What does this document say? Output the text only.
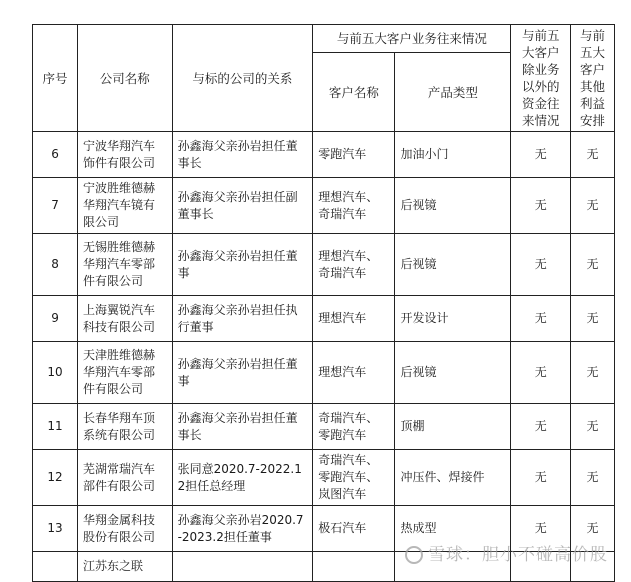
序号	公司名称	与标的公司的关系	与前五大客户业务往来情况		与前五大客户除业务以外的资金往来情况	与前五大客户其他利益安排
			客户名称	产品类型		
6	宁波华翔汽车饰件有限公司	孙鑫海父亲孙岩担任董事长	零跑汽车	加油小门	无	无
7	宁波胜维德赫华翔汽车镜有限公司	孙鑫海父亲孙岩担任副董事长	理想汽车、奇瑞汽车	后视镜	无	无
8	无锡胜维德赫华翔汽车零部件有限公司	孙鑫海父亲孙岩担任董事	理想汽车、奇瑞汽车	后视镜	无	无
9	上海翼锐汽车科技有限公司	孙鑫海父亲孙岩担任执行董事	理想汽车	开发设计	无	无
10	天津胜维德赫华翔汽车零部件有限公司	孙鑫海父亲孙岩担任董事	理想汽车	后视镜	无	无
11	长春华翔车顶系统有限公司	孙鑫海父亲孙岩担任董事长	奇瑞汽车、零跑汽车	顶棚	无	无
12	芜湖常瑞汽车部件有限公司	张同意2020.7-2022.12担任总经理	奇瑞汽车、零跑汽车、岚图汽车	冲压件、焊接件	无	无
13	华翔金属科技股份有限公司	孙鑫海父亲孙岩2020.7-2023.2担任董事	极石汽车	热成型	无	无
	江苏东之联					
雪球：胆小不碰高价股
